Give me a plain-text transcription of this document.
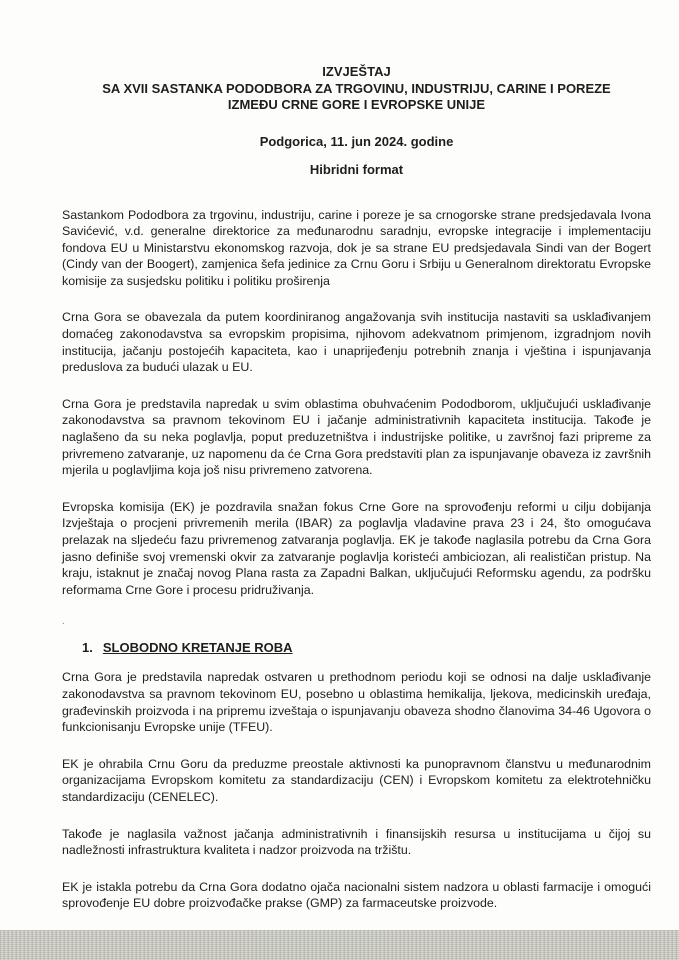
IZVJEŠTAJ

SA XVII SASTANKA PODODBORA ZA TRGOVINU, INDUSTRIJU, CARINE I POREZE

IZMEĐU CRNE GORE I EVROPSKE UNIJE

Podgorica, 11. jun 2024. godine

Hibridni format

Sastankom Pododbora za trgovinu, industriju, carine i poreze je sa crnogorske strane predsjedavala Ivona Savićević, v.d. generalne direktorice za međunarodnu saradnju, evropske integracije i implementaciju fondova EU u Ministarstvu ekonomskog razvoja, dok je sa strane EU predsjedavala Sindi van der Bogert (Cindy van der Boogert), zamjenica šefa jedinice za Crnu Goru i Srbiju u Generalnom direktoratu Evropske komisije za susjedsku politiku i politiku proširenja

Crna Gora se obavezala da putem koordiniranog angažovanja svih institucija nastaviti sa usklađivanjem domaćeg zakonodavstva sa evropskim propisima, njihovom adekvatnom primjenom, izgradnjom novih institucija, jačanju postojećih kapaciteta, kao i unaprijeđenju potrebnih znanja i vještina i ispunjavanja preduslova za budući ulazak u EU.

Crna Gora je predstavila napredak u svim oblastima obuhvaćenim Pododborom, uključujući usklađivanje zakonodavstva sa pravnom tekovinom EU i jačanje administrativnih kapaciteta institucija. Takođe je naglašeno da su neka poglavlja, poput preduzetništva i industrijske politike, u završnoj fazi pripreme za privremeno zatvaranje, uz napomenu da će Crna Gora predstaviti plan za ispunjavanje obaveza iz završnih mjerila u poglavljima koja još nisu privremeno zatvorena.

Evropska komisija (EK) je pozdravila snažan fokus Crne Gore na sprovođenju reformi u cilju dobijanja Izvještaja o procjeni privremenih merila (IBAR) za poglavlja vladavine prava 23 i 24, što omogućava prelazak na sljedeću fazu privremenog zatvaranja poglavlja. EK je takođe naglasila potrebu da Crna Gora jasno definiše svoj vremenski okvir za zatvaranje poglavlja koristeći ambiciozan, ali realističan pristup. Na kraju, istaknut je značaj novog Plana rasta za Zapadni Balkan, uključujući Reformsku agendu, za podršku reformama Crne Gore i procesu pridruživanja.

.

1. SLOBODNO KRETANJE ROBA

Crna Gora je predstavila napredak ostvaren u prethodnom periodu koji se odnosi na dalje usklađivanje zakonodavstva sa pravnom tekovinom EU, posebno u oblastima hemikalija, ljekova, medicinskih uređaja, građevinskih proizvoda i na pripremu izveštaja o ispunjavanju obaveza shodno članovima 34-46 Ugovora o funkcionisanju Evropske unije (TFEU).

EK je ohrabila Crnu Goru da preduzme preostale aktivnosti ka punopravnom članstvu u međunarodnim organizacijama Evropskom komitetu za standardizaciju (CEN) i Evropskom komitetu za elektrotehničku standardizaciju (CENELEC).

Takođe je naglasila važnost jačanja administrativnih i finansijskih resursa u institucijama u čijoj su nadležnosti infrastruktura kvaliteta i nadzor proizvoda na tržištu.

EK je istakla potrebu da Crna Gora dodatno ojača nacionalni sistem nadzora u oblasti farmacije i omogući sprovođenje EU dobre proizvođačke prakse (GMP) za farmaceutske proizvode.
